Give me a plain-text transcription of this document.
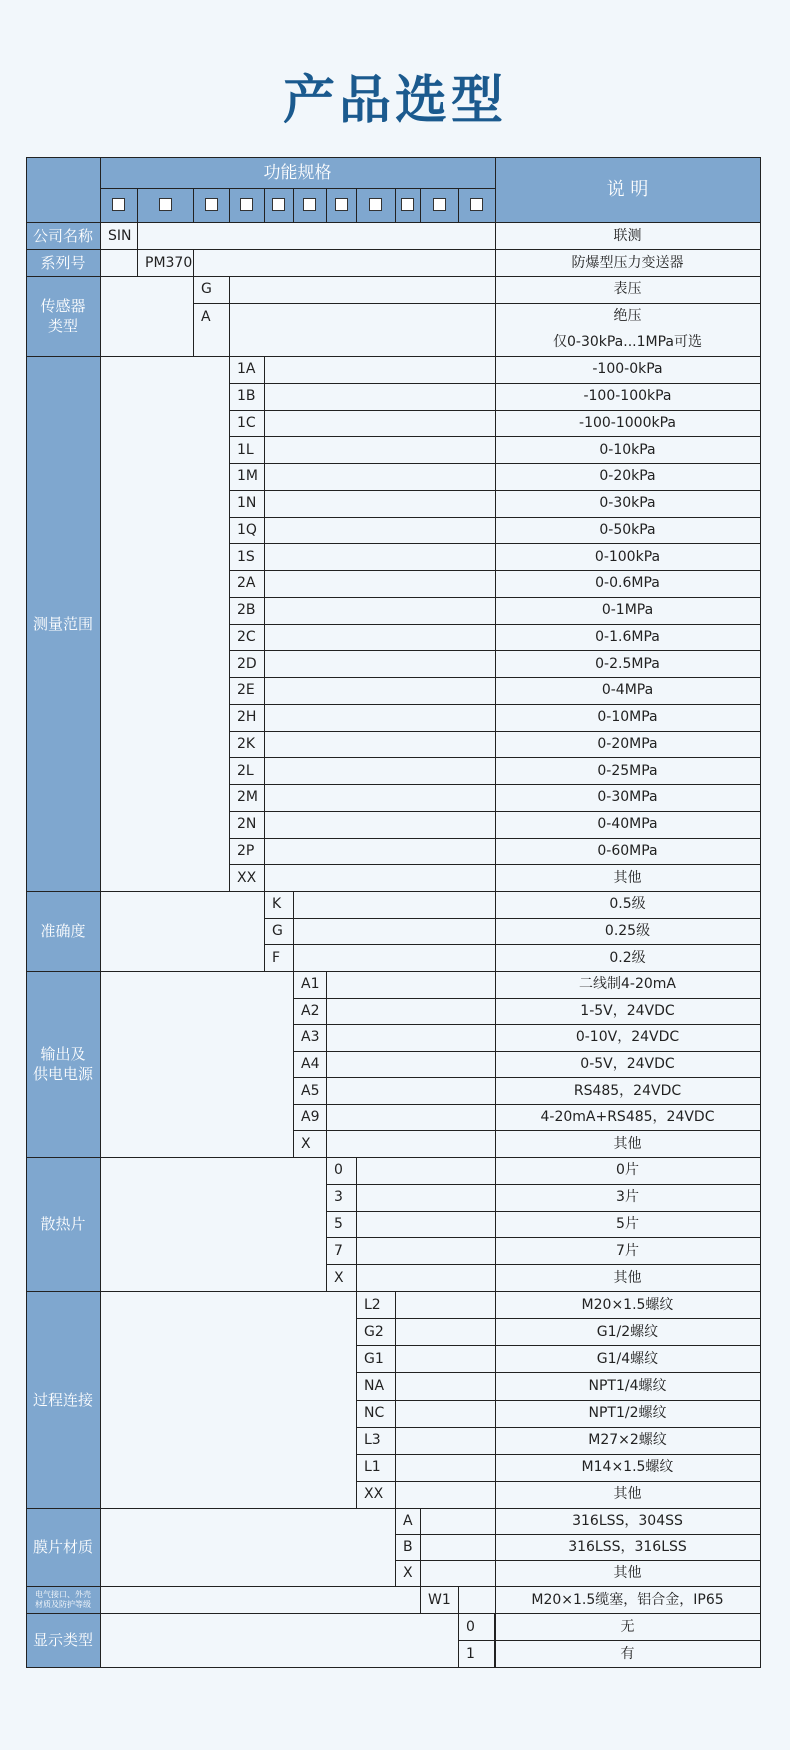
产品选型
功能规格
说 明
公司名称	SIN	联测
系列号	PM370	防爆型压力变送器
传感器
类型
G	表压
A	绝压
仅0-30kPa...1MPa可选
测量范围
1A	-100-0kPa
1B	-100-100kPa
1C	-100-1000kPa
1L	0-10kPa
1M	0-20kPa
1N	0-30kPa
1Q	0-50kPa
1S	0-100kPa
2A	0-0.6MPa
2B	0-1MPa
2C	0-1.6MPa
2D	0-2.5MPa
2E	0-4MPa
2H	0-10MPa
2K	0-20MPa
2L	0-25MPa
2M	0-30MPa
2N	0-40MPa
2P	0-60MPa
XX	其他
准确度
K	0.5级
G	0.25级
F	0.2级
输出及
供电电源
A1	二线制4-20mA
A2	1-5V，24VDC
A3	0-10V，24VDC
A4	0-5V，24VDC
A5	RS485，24VDC
A9	4-20mA+RS485，24VDC
X	其他
散热片
0	0片
3	3片
5	5片
7	7片
X	其他
过程连接
L2	M20×1.5螺纹
G2	G1/2螺纹
G1	G1/4螺纹
NA	NPT1/4螺纹
NC	NPT1/2螺纹
L3	M27×2螺纹
L1	M14×1.5螺纹
XX	其他
膜片材质
A	316LSS，304SS
B	316LSS，316LSS
X	其他
电气接口、外壳
材质及防护等级	W1	M20×1.5缆塞，铝合金，IP65
显示类型
0	无
1	有
